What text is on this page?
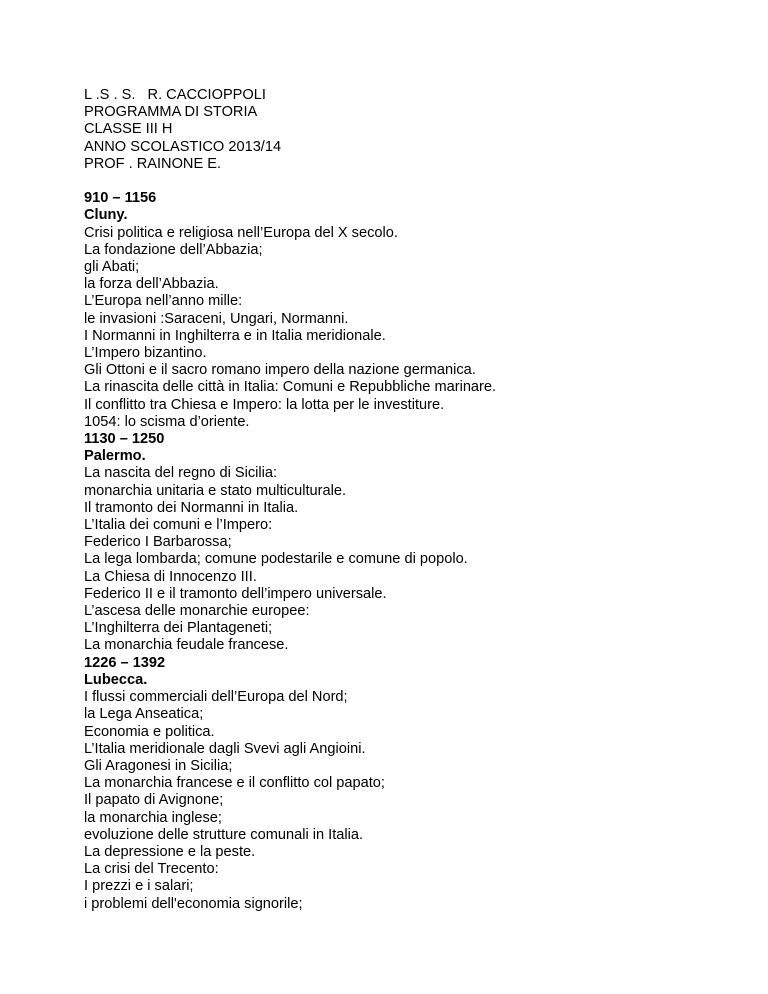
L .S . S.   R. CACCIOPPOLI
PROGRAMMA DI STORIA
CLASSE III H
ANNO SCOLASTICO 2013/14
PROF . RAINONE E.
910 – 1156
Cluny.
Crisi politica e religiosa nell’Europa del X secolo.
La fondazione dell’Abbazia;
gli Abati;
la forza dell’Abbazia.
L’Europa nell’anno mille:
le invasioni :Saraceni, Ungari, Normanni.
I Normanni in Inghilterra e in Italia meridionale.
L’Impero bizantino.
Gli Ottoni e il sacro romano impero della nazione germanica.
La rinascita delle città in Italia: Comuni e Repubbliche marinare.
Il conflitto tra Chiesa e Impero: la lotta per le investiture.
1054: lo scisma d’oriente.
1130 – 1250
Palermo.
La nascita del regno di Sicilia:
monarchia unitaria e stato multiculturale.
Il tramonto dei Normanni in Italia.
L’Italia dei comuni e l’Impero:
Federico I Barbarossa;
La lega lombarda; comune podestarile e comune di popolo.
La Chiesa di Innocenzo III.
Federico II e il tramonto dell’impero universale.
L’ascesa delle monarchie europee:
L’Inghilterra dei Plantageneti;
La monarchia feudale francese.
1226 – 1392
Lubecca.
I flussi commerciali dell’Europa del Nord;
la Lega Anseatica;
Economia e politica.
L’Italia meridionale dagli Svevi agli Angioini.
Gli Aragonesi in Sicilia;
La monarchia francese e il conflitto col papato;
Il papato di Avignone;
la monarchia inglese;
evoluzione delle strutture comunali in Italia.
La depressione e la peste.
La crisi del Trecento:
I prezzi e i salari;
i problemi dell'economia signorile;
